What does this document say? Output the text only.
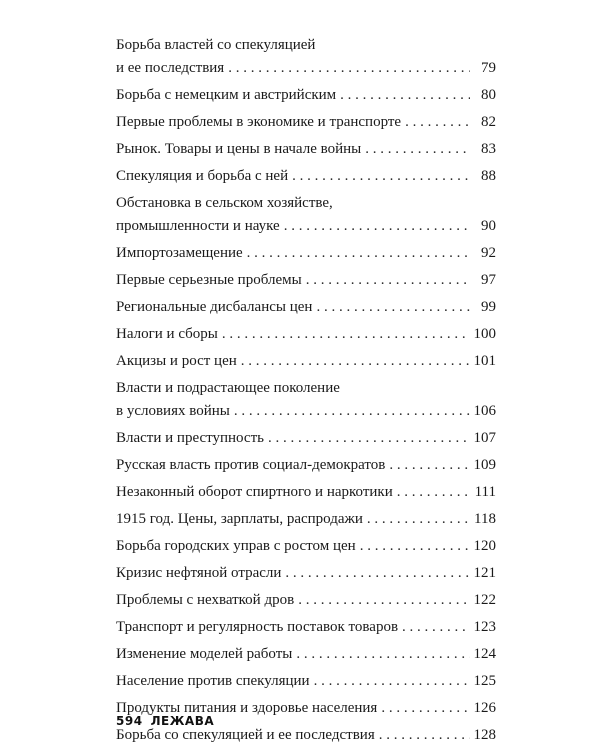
Борьба властей со спекуляцией
и ее последствия . . .	79
Борьба с немецким и австрийским . . .	80
Первые проблемы в экономике и транспорте . . .	82
Рынок. Товары и цены в начале войны . . .	83
Спекуляция и борьба с ней . . .	88
Обстановка в сельском хозяйстве,
промышленности и науке . . .	90
Импортозамещение . . .	92
Первые серьезные проблемы . . .	97
Региональные дисбалансы цен . . .	99
Налоги и сборы . . .	100
Акцизы и рост цен . . .	101
Власти и подрастающее поколение
в условиях войны . . .	106
Власти и преступность . . .	107
Русская власть против социал-демократов . . .	109
Незаконный оборот спиртного и наркотики . . .	111
1915 год. Цены, зарплаты, распродажи . . .	118
Борьба городских управ с ростом цен . . .	120
Кризис нефтяной отрасли . . .	121
Проблемы с нехваткой дров . . .	122
Транспорт и регулярность поставок товаров . . .	123
Изменение моделей работы . . .	124
Население против спекуляции . . .	125
Продукты питания и здоровье населения . . .	126
Борьба со спекуляцией и ее последствия . . .	128
594 ЛЕЖАВА
